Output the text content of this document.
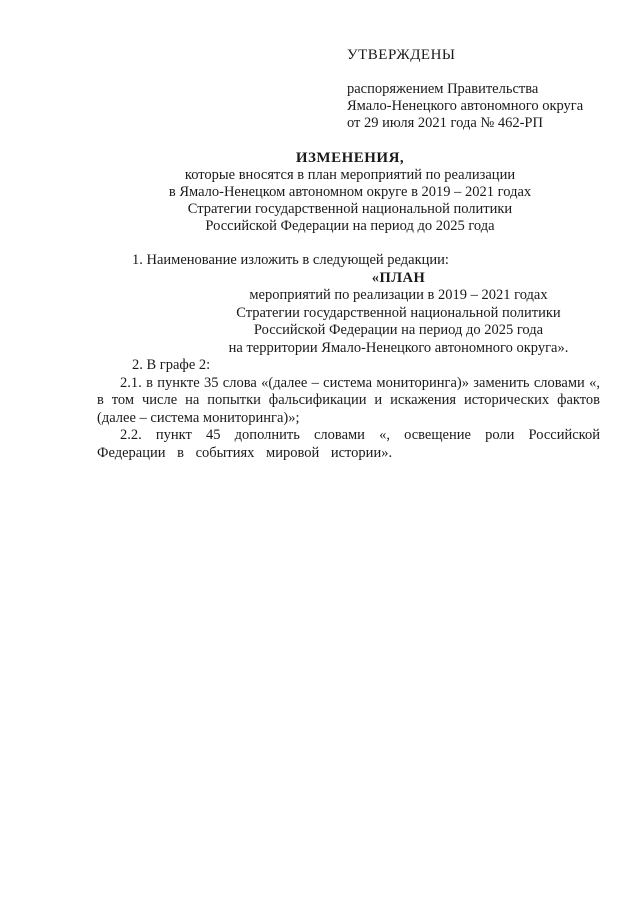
УТВЕРЖДЕНЫ
распоряжением Правительства
Ямало-Ненецкого автономного округа
от 29 июля 2021 года № 462-РП
ИЗМЕНЕНИЯ,
которые вносятся в план мероприятий по реализации
в Ямало-Ненецком автономном округе в 2019 – 2021 годах
Стратегии государственной национальной политики
Российской Федерации на период до 2025 года
1. Наименование изложить в следующей редакции:
«ПЛАН
мероприятий по реализации в 2019 – 2021 годах
Стратегии государственной национальной политики
Российской Федерации на период до 2025 года
на территории Ямало-Ненецкого автономного округа».
2. В графе 2:
2.1. в пункте 35 слова «(далее – система мониторинга)» заменить словами «, в том числе на попытки фальсификации и искажения исторических фактов (далее – система мониторинга)»;
2.2. пункт 45 дополнить словами «, освещение роли Российской Федерации в событиях мировой истории».
